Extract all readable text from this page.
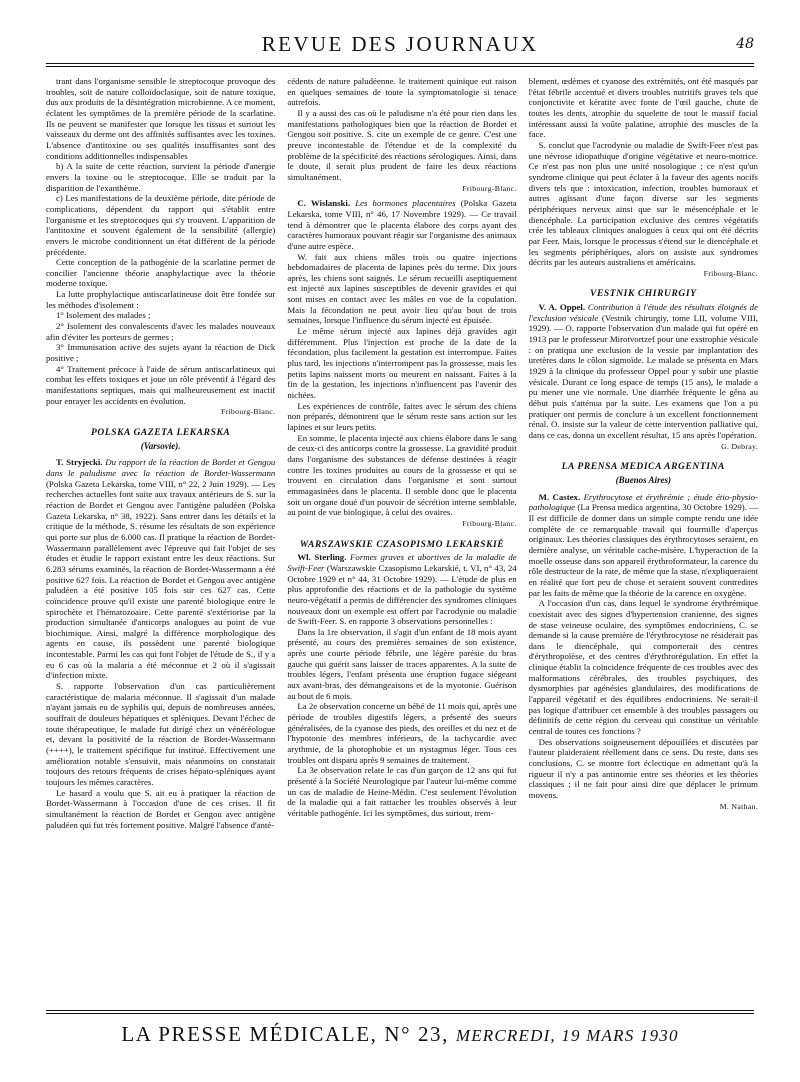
REVUE DES JOURNAUX	48

trant dans l'organisme sensible le streptocoque provoque des troubles, soit de nature colloïdoclasique, soit de nature toxique, dus aux produits de la désintégration microbienne. A ce moment, éclatent les symptômes de la première période de la scarlatine. Ils ne peuvent se manifester que lorsque les tissus et surtout les vaisseaux du derme ont des affinités suffisantes avec les toxines. L'absence d'antitoxine ou ses qualités insuffisantes sont des conditions additionnelles indispensables

b) A la suite de cette réaction, survient la période d'anergie envers la toxine ou le streptocoque. Elle se traduit par la disparition de l'exanthème.

c) Les manifestations de la deuxième période, dite période de complications, dépendent du rapport qui s'établit entre l'organisme et les streptocoques qui s'y trouvent. L'apparition de l'antitoxine et souvent également de la sensibilité (allergie) envers le microbe conditionnent un état différent de la période précédente.

Cette conception de la pathogénie de la scarlatine permet de concilier l'ancienne théorie anaphylactique avec la théorie moderne toxique.

La lutte prophylactique antiscarlatineuse doit être fondée sur les méthodes d'isolement :

1° Isolement des malades ;
2° Isolement des convalescents d'avec les malades nouveaux afin d'éviter les porteurs de germes ;
3° Immunisation active des sujets ayant la réaction de Dick positive ;
4° Traitement précoce à l'aide de sérum antiscarlatineux qui combat les effets toxiques et joue un rôle préventif à l'égard des manifestations septiques, mais qui malheureusement est inactif pour enrayer les accidents en évolution.

Fribourg-Blanc.

POLSKA GAZETA LEKARSKA
(Varsovie).

T. Stryjecki. Du rapport de la réaction de Bordet et Gengou dans le paludisme avec la réaction de Bordet-Wassermann (Polska Gazeta Lekarska, tome VIII, n° 22, 2 Juin 1929). — Les recherches actuelles font suite aux travaux antérieurs de S. sur la réaction de Bordet et Gengou avec l'antigène paludéen (Polska Gazeta Lekarska, n° 38, 1922). Sans entrer dans les détails et la critique de la méthode, S. résume les résultats de son expérience qui porte sur plus de 6.000 cas. Il pratique la réaction de Bordet-Wassermann parallèlement avec l'épreuve qui fait l'objet de ses études et étudie le rapport existant entre les deux réactions. Sur 6.283 sérums examinés, la réaction de Bordet-Wassermann a été positive 627 fois. La réaction de Bordet et Gengou avec antigène paludéen a été positive 105 fois sur ces 627 cas. Cette coïncidence prouve qu'il existe une parenté biologique entre le spirochète et l'hématozoaire. Cette parenté s'extériorise par la production simultanée d'anticorps analogues au point de vue biochimique. Ainsi, malgré la différence morphologique des agents en cause, ils possèdent une parenté biologique incontestable. Parmi les cas qui font l'objet de l'étude de S., il y a eu 6 cas où la malaria a été méconnue et 2 où il s'agissait d'infection mixte.

S. rapporte l'observation d'un cas particulièrement caractéristique de malaria méconnue. Il s'agissait d'un malade n'ayant jamais eu de syphilis qui, depuis de nombreuses années, souffrait de douleurs hépatiques et spléniques. Devant l'échec de toute thérapeutique, le malade fut dirigé chez un vénéréologue et, devant la positivité de la réaction de Bordet-Wassermann (++++), le traitement spécifique fut institué. Effectivement une amélioration notable s'ensuivit, mais néanmoins on constatait toujours des retours fréquents de crises hépato-spléniques ayant toujours les mêmes caractères.

Le hasard a voulu que S. ait eu à pratiquer la réaction de Bordet-Wassermann à l'occasion d'une de ces crises. Il fit simultanément la réaction de Bordet et Gengou avec antigène paludéen qui fut très fortement positive. Malgré l'absence d'anté-

cédents de nature paludéenne. le traitement quinique eut raison en quelques semaines de toute la symptomatologie si tenace autrefois.

Il y a aussi des cas où le paludisme n'a été pour rien dans les manifestations pathologiques bien que la réaction de Bordet et Gengou soit positive. S. cite un exemple de ce genre. C'est une preuve incontestable de l'étendue et de la complexité du problème de la spécificité des réactions sérologiques. Ainsi, dans le doute, il serait plus prudent de faire les deux réactions simultanément.

Fribourg-Blanc.

C. Wislanski. Les hormones placentaires (Polska Gazeta Lekarska, tome VIII, n° 46, 17 Novembre 1929). — Ce travail tend à démontrer que le placenta élabore des corps ayant des caractères humoraux pouvant réagir sur l'organisme des animaux d'une autre espèce.

W. fait aux chiens mâles trois ou quatre injections hebdomadaires de placenta de lapines près du terme. Dix jours après, les chiens sont saignés. Le sérum recueilli aseptiquement est injecté aux lapines susceptibles de devenir gravides et qui sont mises en contact avec les mâles en vue de la copulation. Mais la fécondation ne peut avoir lieu qu'au bout de trois semaines, lorsque l'influence du sérum injecté est épuisée.

Le même sérum injecté aux lapines déjà gravides agit différemment. Plus l'injection est proche de la date de la fécondation, plus facilement la gestation est interrompue. Faites plus tard, les injections n'interrompent pas la grossesse, mais les petits lapins naissent morts ou meurent en naissant. Faites à la fin de la gestation, les injections n'influencent pas l'avenir des nichées.

Les expériences de contrôle, faites avec le sérum des chiens non préparés, démontrent que le sérum reste sans action sur les lapines et sur leurs petits.

En somme, le placenta injecté aux chiens élabore dans le sang de ceux-ci des anticorps contre la grossesse. La gravidité produit dans l'organisme des substances de défense destinées à réagir contre les toxines produites au cours de la grossesse et qui se trouvent en circulation dans l'organisme et sont surtout emmagasinées dans le placenta. Il semble donc que le placenta soit un organe doué d'un pouvoir de sécrétion interne semblable, au point de vue biologique, à celui des ovaires.

Fribourg-Blanc.

WARSZAWSKIE CZASOPISMO LEKARSKIÉ

Wl. Sterling. Formes graves et abortives de la maladie de Swift-Feer (Warszawskie Czasopismo Lekarskié, t. VI, n° 43, 24 Octobre 1929 et n° 44, 31 Octobre 1929). — L'étude de plus en plus approfondie des réactions et de la pathologie du système neuro-végétatif a permis de différencier des syndromes cliniques nouveaux dont un exemple est offert par l'acrodynie ou maladie de Swift-Feer. S. en rapporte 3 observations personnelles :

Dans la 1re observation, il s'agit d'un enfant de 18 mois ayant présenté, au cours des premières semaines de son existence, après une courte période fébrile, une légère parésie du bras gauche qui guérit sans laisser de traces apparentes. A la suite de troubles légers, l'enfant présenta une éruption fugace siégeant aux avant-bras, des démangeaisons et de la myotonie. Guérison au bout de 6 mois.

La 2e observation concerne un bébé de 11 mois qui, après une période de troubles digestifs légers, a présenté des sueurs généralisées, de la cyanose des pieds, des oreilles et du nez et de l'hypotonie des membres inférieurs, de la tachycardie avec arythmie, de la photophobie et un nystagmus léger. Tous ces troubles ont disparu après 9 semaines de traitement.

La 3e observation relate le cas d'un garçon de 12 ans qui fut présenté à la Société Neurologique par l'auteur lui-même comme un cas de maladie de Heine-Médin. C'est seulement l'évolution de la maladie qui a fait rattacher les troubles observés à leur véritable pathogénie. Ici les symptômes, dus surtout, trem-

blement, œdèmes et cyanose des extrémités, ont été masqués par l'état fébrile accentué et divers troubles nutritifs graves tels que conjonctivite et kératite avec fonte de l'œil gauche, chute de toutes les dents, atrophie du squelette de tout le massif facial intéressant aussi la voûte palatine, atrophie des muscles de la face.

S. conclut que l'acrodynie ou maladie de Swift-Feer n'est pas une névrose idiopathique d'origine végétative et neuro-motrice. Ce n'est pas non plus une unité nosologique ; ce n'est qu'un syndrome clinique qui peut éclater à la faveur des agents nocifs divers tels que : intoxication, infection, troubles humoraux et autres agissant d'une façon diverse sur les segments périphériques nerveux ainsi que sur le mésencéphale et le diencéphale. La participation exclusive des centres végétatifs crée les tableaux cliniques analogues à ceux qui ont été décrits par Feer. Mais, lorsque le processus s'étend sur le diencéphale et les segments périphériques, alors on assiste aux syndromes décrits par les auteurs australiens et américains.

Fribourg-Blanc.

VESTNIK CHIRURGIY

V. A. Oppel. Contribution à l'étude des résultats éloignés de l'exclusion vésicale (Vestnik chirurgiy, tome LII, volume VIII, 1929). — O. rapporte l'observation d'un malade qui fut opéré en 1913 par le professeur Mirotvortzef pour une exstrophie vésicale : on pratiqua une exclusion de la vessie par implantation des uretères dans le côlon sigmoïde. Le malade se présenta en Mars 1929 à la clinique du professeur Oppel pour y subir une plastie vésicale. Durant ce long espace de temps (15 ans), le malade a pu mener une vie normale. Une diarrhée fréquente le gêna au début puis s'atténua par la suite. Les examens que l'on a pu pratiquer ont permis de conclure à un excellent fonctionnement rénal. O. insiste sur la valeur de cette intervention palliative qui, dans ce cas, donna un excellent résultat, 15 ans après l'opération.

G. Debray.

LA PRENSA MEDICA ARGENTINA
(Buenos Aires)

M. Castex. Erythrocytose et érythrémie ; étude étio-physio-pathologique (La Prensa medica argentina, 30 Octobre 1929). — Il est difficile de donner dans un simple compte rendu une idée complète de ce remarquable travail qui fourmille d'aperçus originaux. Les théories classiques des érythrocytoses seraient, en dernière analyse, un véritable cache-misère. L'hyperaction de la moelle osseuse dans son appareil érythroformateur, la carence du rôle destructeur de la rate, de même que la stase, n'expliqueraient en réalité que fort peu de chose et seraient souvent contredites par les faits de même que la théorie de la carence en oxygène.

A l'occasion d'un cas, dans lequel le syndrome érythrémique coexistait avec des signes d'hypertension cranienne, des signes de stase veineuse oculaire, des symptômes endocriniens, C. se demande si la cause première de l'érythrocytose ne résiderait pas dans le diencéphale, qui comporterait des centres d'érythropoïèse, et des centres d'érythrorégulation. En effet la clinique établit la coïncidence fréquente de ces troubles avec des malformations cérébrales, des troubles psychiques, des dysmorphies par agénésies glandulaires, des modifications de l'appareil végétatif et des équilibres endocriniens. Ne serait-il pas logique d'attribuer cet ensemble à des troubles passagers ou définitifs de cette région du cerveau qui constitue un véritable central de toutes ces fonctions ?

Des observations soigneusement dépouillées et discutées par l'auteur plaideraient réellement dans ce sens. Du reste, dans ses conclusions, C. se montre fort éclectique en admettant qu'à la rigueur il n'y a pas antinomie entre ses théories et les théories classiques ; il ne fait pour ainsi dire que déplacer le primum movens.

M. Nathan.

LA PRESSE MÉDICALE, N° 23, MERCREDI, 19 MARS 1930
